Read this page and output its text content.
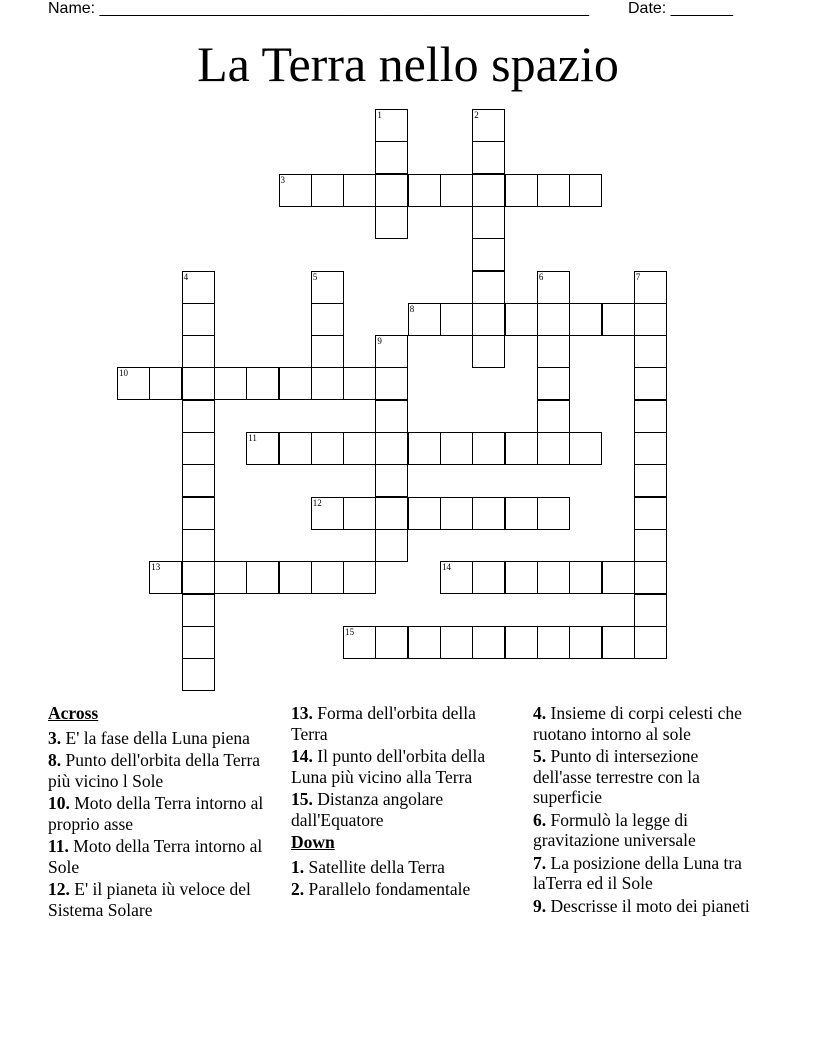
Name: _______________________________________________________ Date: _______
La Terra nello spazio
1	2
3
4	5	6	7
8
9
10
11
12
13	14
15
Across
3. E' la fase della Luna piena
8. Punto dell'orbita della Terra più vicino l Sole
10. Moto della Terra intorno al proprio asse
11. Moto della Terra intorno al Sole
12. E' il pianeta iù veloce del Sistema Solare
13. Forma dell'orbita della Terra
14. Il punto dell'orbita della Luna più vicino alla Terra
15. Distanza angolare dall'Equatore
Down
1. Satellite della Terra
2. Parallelo fondamentale
4. Insieme di corpi celesti che ruotano intorno al sole
5. Punto di intersezione dell'asse terrestre con la superficie
6. Formulò la legge di gravitazione universale
7. La posizione della Luna tra laTerra ed il Sole
9. Descrisse il moto dei pianeti
